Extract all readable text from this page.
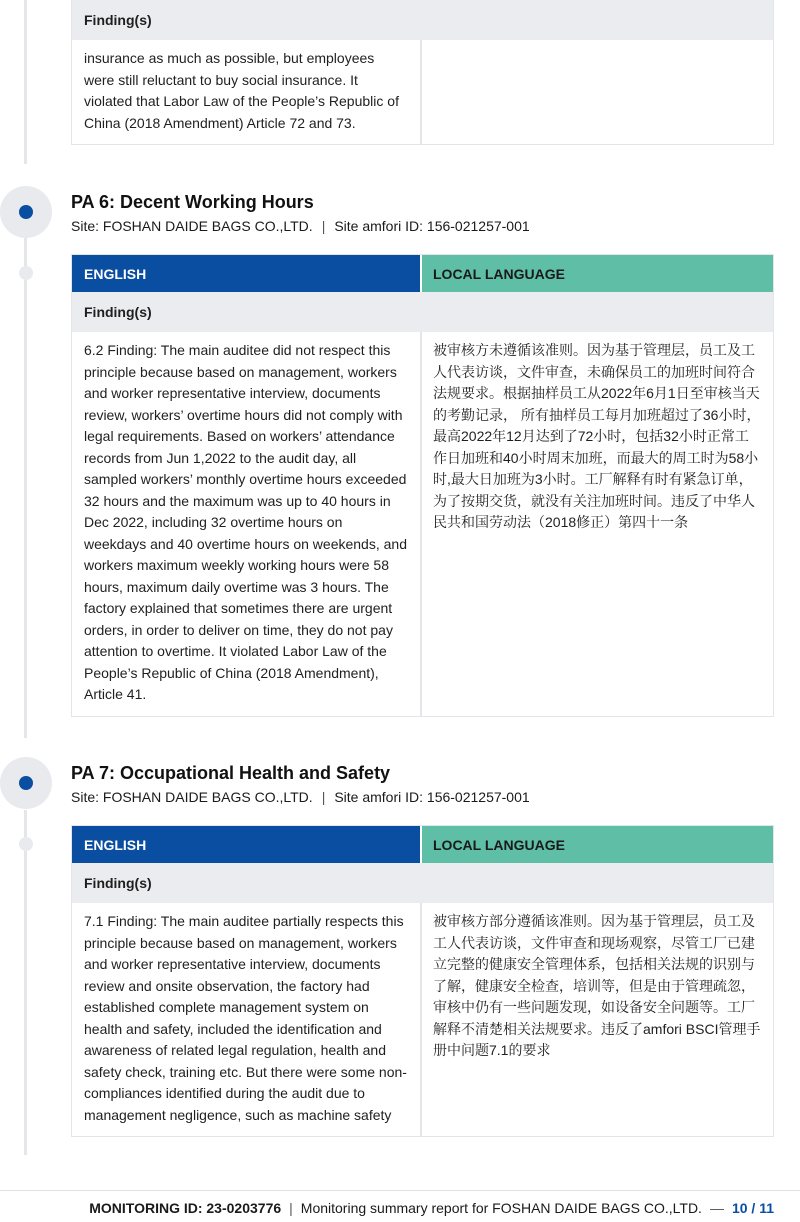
Finding(s)
insurance as much as possible, but employees were still reluctant to buy social insurance. It violated that Labor Law of the People’s Republic of China (2018 Amendment) Article 72 and 73.
PA 6: Decent Working Hours
Site: FOSHAN DAIDE BAGS CO.,LTD. | Site amfori ID: 156-021257-001
ENGLISH	LOCAL LANGUAGE
Finding(s)
6.2 Finding: The main auditee did not respect this principle because based on management, workers and worker representative interview, documents review, workers’ overtime hours did not comply with legal requirements. Based on workers’ attendance records from Jun 1,2022 to the audit day, all sampled workers’ monthly overtime hours exceeded 32 hours and the maximum was up to 40 hours in Dec 2022, including 32 overtime hours on weekdays and 40 overtime hours on weekends, and workers maximum weekly working hours were 58 hours, maximum daily overtime was 3 hours. The factory explained that sometimes there are urgent orders, in order to deliver on time, they do not pay attention to overtime. It violated Labor Law of the People’s Republic of China (2018 Amendment), Article 41.
被审核方未遵循该准则。因为基于管理层，员工及工人代表访谈，文件审查，未确保员工的加班时间符合法规要求。根据抽样员工从2022年6月1日至审核当天的考勤记录， 所有抽样员工每月加班超过了36小时， 最高2022年12月达到了72小时，包括32小时正常工作日加班和40小时周末加班，而最大的周工时为58小时,最大日加班为3小时。工厂解释有时有紧急订单，为了按期交货，就没有关注加班时间。违反了中华人民共和国劳动法（2018修正）第四十一条
PA 7: Occupational Health and Safety
Site: FOSHAN DAIDE BAGS CO.,LTD. | Site amfori ID: 156-021257-001
ENGLISH	LOCAL LANGUAGE
Finding(s)
7.1 Finding: The main auditee partially respects this principle because based on management, workers and worker representative interview, documents review and onsite observation, the factory had established complete management system on health and safety, included the identification and awareness of related legal regulation, health and safety check, training etc. But there were some non-compliances identified during the audit due to management negligence, such as machine safety
被审核方部分遵循该准则。因为基于管理层，员工及工人代表访谈，文件审查和现场观察，尽管工厂已建立完整的健康安全管理体系，包括相关法规的识别与了解，健康安全检查，培训等，但是由于管理疏忽，审核中仍有一些问题发现，如设备安全问题等。工厂解释不清楚相关法规要求。违反了amfori BSCI管理手册中问题7.1的要求
MONITORING ID: 23-0203776 | Monitoring summary report for FOSHAN DAIDE BAGS CO.,LTD. — 10 / 11
